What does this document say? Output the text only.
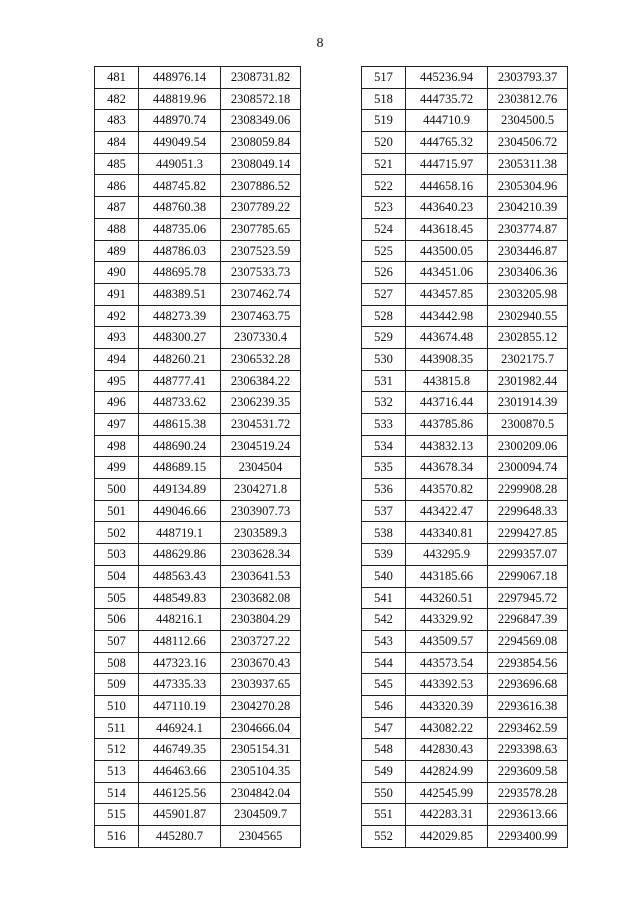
8
481	448976.14	2308731.82
482	448819.96	2308572.18
483	448970.74	2308349.06
484	449049.54	2308059.84
485	449051.3	2308049.14
486	448745.82	2307886.52
487	448760.38	2307789.22
488	448735.06	2307785.65
489	448786.03	2307523.59
490	448695.78	2307533.73
491	448389.51	2307462.74
492	448273.39	2307463.75
493	448300.27	2307330.4
494	448260.21	2306532.28
495	448777.41	2306384.22
496	448733.62	2306239.35
497	448615.38	2304531.72
498	448690.24	2304519.24
499	448689.15	2304504
500	449134.89	2304271.8
501	449046.66	2303907.73
502	448719.1	2303589.3
503	448629.86	2303628.34
504	448563.43	2303641.53
505	448549.83	2303682.08
506	448216.1	2303804.29
507	448112.66	2303727.22
508	447323.16	2303670.43
509	447335.33	2303937.65
510	447110.19	2304270.28
511	446924.1	2304666.04
512	446749.35	2305154.31
513	446463.66	2305104.35
514	446125.56	2304842.04
515	445901.87	2304509.7
516	445280.7	2304565
517	445236.94	2303793.37
518	444735.72	2303812.76
519	444710.9	2304500.5
520	444765.32	2304506.72
521	444715.97	2305311.38
522	444658.16	2305304.96
523	443640.23	2304210.39
524	443618.45	2303774.87
525	443500.05	2303446.87
526	443451.06	2303406.36
527	443457.85	2303205.98
528	443442.98	2302940.55
529	443674.48	2302855.12
530	443908.35	2302175.7
531	443815.8	2301982.44
532	443716.44	2301914.39
533	443785.86	2300870.5
534	443832.13	2300209.06
535	443678.34	2300094.74
536	443570.82	2299908.28
537	443422.47	2299648.33
538	443340.81	2299427.85
539	443295.9	2299357.07
540	443185.66	2299067.18
541	443260.51	2297945.72
542	443329.92	2296847.39
543	443509.57	2294569.08
544	443573.54	2293854.56
545	443392.53	2293696.68
546	443320.39	2293616.38
547	443082.22	2293462.59
548	442830.43	2293398.63
549	442824.99	2293609.58
550	442545.99	2293578.28
551	442283.31	2293613.66
552	442029.85	2293400.99
